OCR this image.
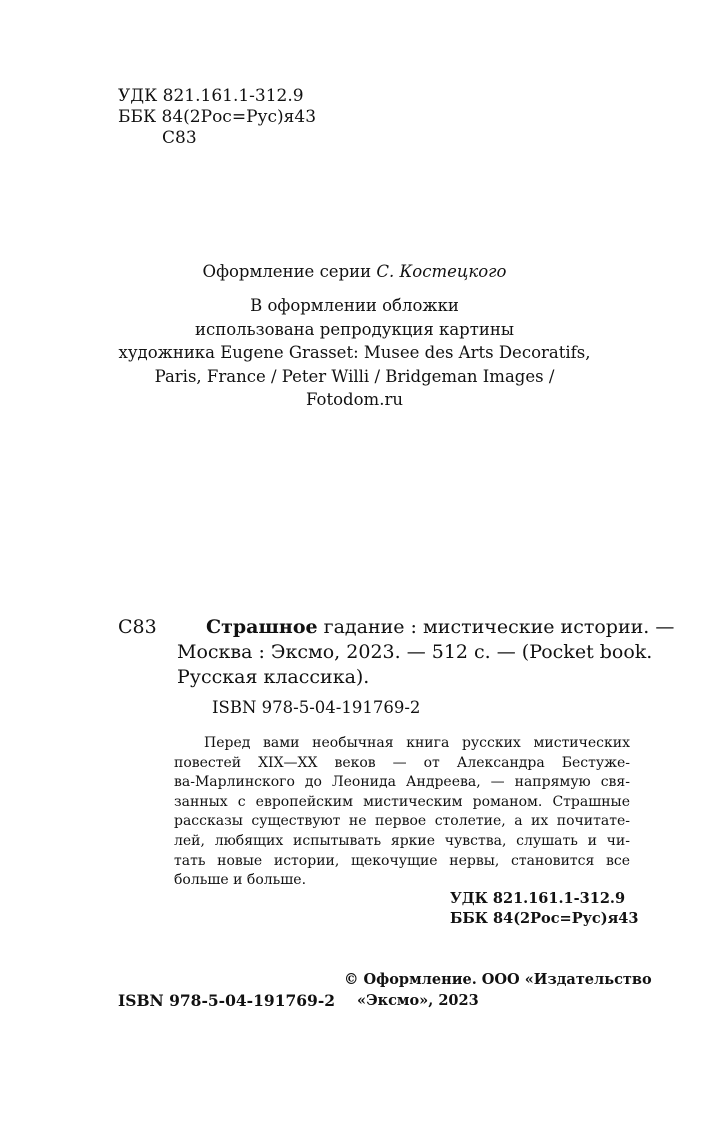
УДК 821.161.1-312.9
ББК 84(2Рос=Рус)я43
С83
Оформление серии С. Костецкого
В оформлении обложки
использована репродукция картины
художника Eugene Grasset: Musee des Arts Decoratifs,
Paris, France / Peter Willi / Bridgeman Images /
Fotodom.ru
С83	Страшное гадание : мистические истории. —
Москва : Эксмо, 2023. — 512 с. — (Pocket book.
Русская классика).
ISBN 978-5-04-191769-2
Перед вами необычная книга русских мистических
повестей XIX—XX веков — от Александра Бестуже-
ва-Марлинского до Леонида Андреева, — напрямую свя-
занных с европейским мистическим романом. Страшные
рассказы существуют не первое столетие, а их почитате-
лей, любящих испытывать яркие чувства, слушать и чи-
тать новые истории, щекочущие нервы, становится все
больше и больше.
УДК 821.161.1-312.9
ББК 84(2Рос=Рус)я43
© Оформление. ООО «Издательство
ISBN 978-5-04-191769-2 «Эксмо», 2023
